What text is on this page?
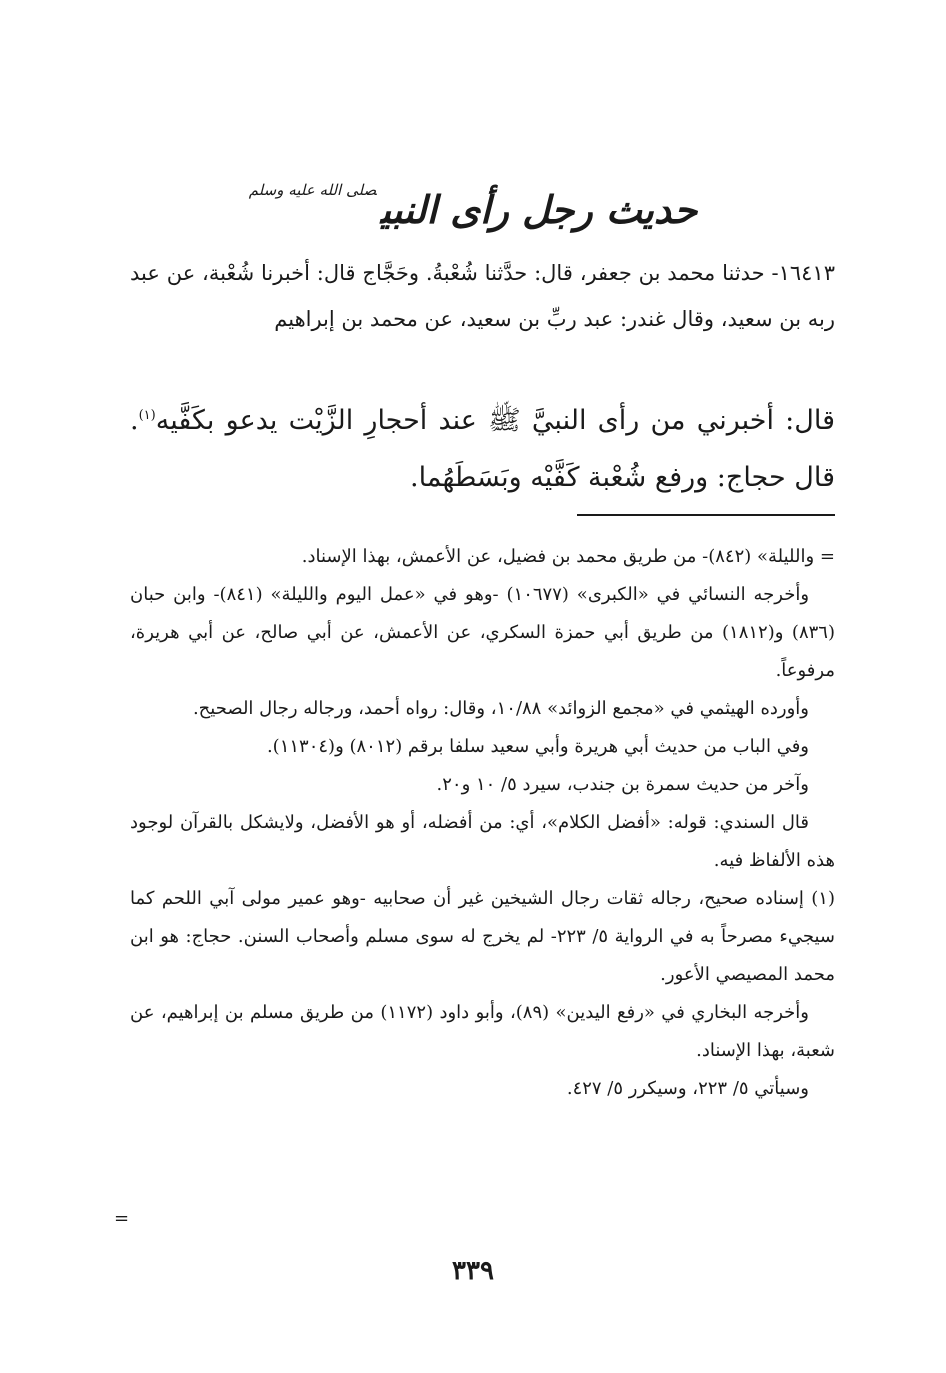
حديث رجل رأى النبي$^{صلى الله عليه وسلم}$
١٦٤١٣- حدثنا محمد بن جعفر، قال: حدَّثنا شُعْبةُ. وحَجَّاج قال: أخبرنا شُعْبة، عن عبد ربه بن سعيد، وقال غندر: عبد ربِّ بن سعيد، عن محمد بن إبراهيم
قال: أخبرني من رأى النبيَّ ﷺ عند أحجارِ الزَّيْت يدعو بكَفَّيه$^{(١)}$. قال حجاج: ورفع شُعْبة كَفَّيْه وبَسَطَهُما.

= والليلة» (٨٤٢)- من طريق محمد بن فضيل، عن الأعمش، بهذا الإسناد.

وأخرجه النسائي في «الكبرى» (١٠٦٧٧) -وهو في «عمل اليوم والليلة» (٨٤١)- وابن حبان (٨٣٦) و(١٨١٢) من طريق أبي حمزة السكري، عن الأعمش، عن أبي صالح، عن أبي هريرة، مرفوعاً.

وأورده الهيثمي في «مجمع الزوائد» ١٠/٨٨، وقال: رواه أحمد، ورجاله رجال الصحيح.

وفي الباب من حديث أبي هريرة وأبي سعيد سلفا برقم (٨٠١٢) و(١١٣٠٤).

وآخر من حديث سمرة بن جندب، سيرد ٥/ ١٠ و٢٠.

قال السندي: قوله: «أفضل الكلام»، أي: من أفضله، أو هو الأفضل، ولايشكل بالقرآن لوجود هذه الألفاظ فيه.

(١) إسناده صحيح، رجاله ثقات رجال الشيخين غير أن صحابيه -وهو عمير مولى آبي اللحم كما سيجيء مصرحاً به في الرواية ٥/ ٢٢٣- لم يخرج له سوى مسلم وأصحاب السنن. حجاج: هو ابن محمد المصيصي الأعور.

وأخرجه البخاري في «رفع اليدين» (٨٩)، وأبو داود (١١٧٢) من طريق مسلم بن إبراهيم، عن شعبة، بهذا الإسناد.

وسيأتي ٥/ ٢٢٣، وسيكرر ٥/ ٤٢٧.

=
٣٣٩
